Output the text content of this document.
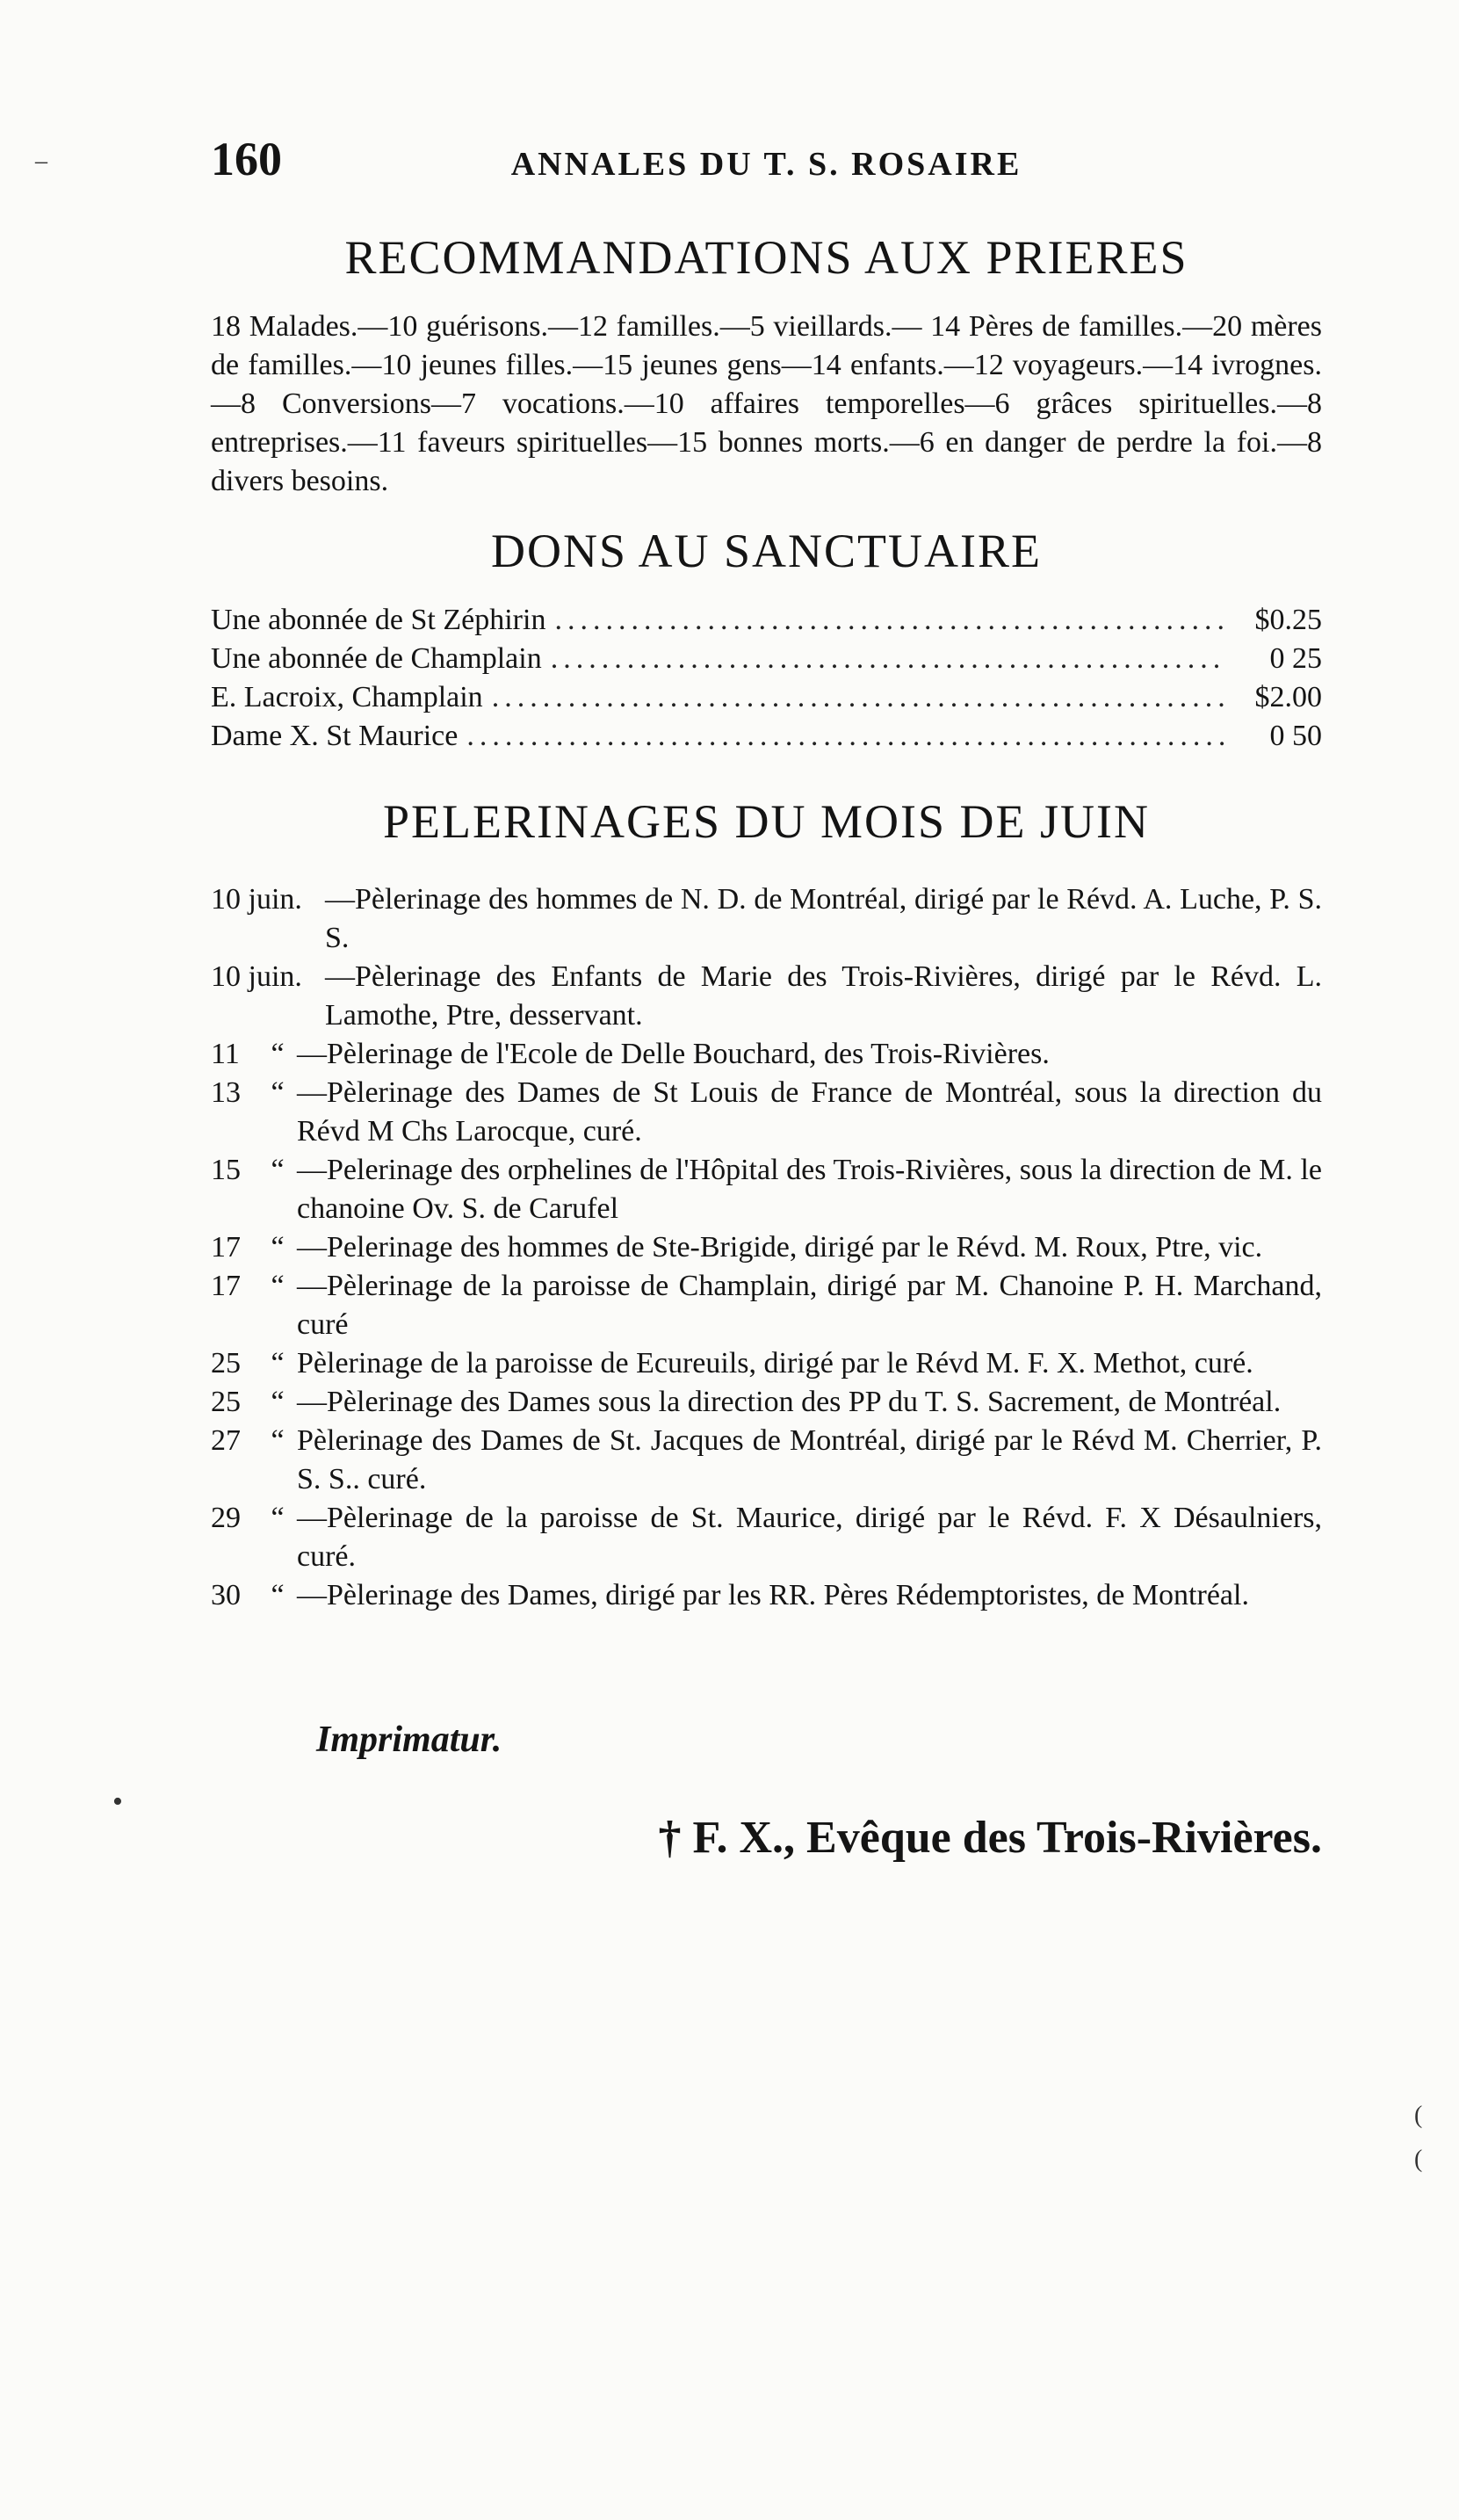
–	160	ANNALES DU T. S. ROSAIRE
RECOMMANDATIONS AUX PRIERES

18 Malades.—10 guérisons.—12 familles.—5 vieillards.— 14 Pères de familles.—20 mères de familles.—10 jeunes filles.—15 jeunes gens—14 enfants.—12 voyageurs.—14 ivrognes.—8 Conversions—7 vocations.—10 affaires temporelles—6 grâces spirituelles.—8 entreprises.—11 faveurs spirituelles—15 bonnes morts.—6 en danger de perdre la foi.—8 divers besoins.

DONS AU SANCTUAIRE
Une abonnée de St Zéphirin .....	$0.25
Une abonnée de Champlain .....	0 25
E. Lacroix, Champlain .....	$2.00
Dame X. St Maurice .....	0 50
PELERINAGES DU MOIS DE JUIN
10 juin. —Pèlerinage des hommes de N. D. de Montréal, dirigé par le Révd. A. Luche, P. S. S.
10 juin. —Pèlerinage des Enfants de Marie des Trois-Rivières, dirigé par le Révd. L. Lamothe, Ptre, desservant.
11	“ —Pèlerinage de l'Ecole de Delle Bouchard, des Trois-Rivières.
13	“ —Pèlerinage des Dames de St Louis de France de Montréal, sous la direction du Révd M Chs Larocque, curé.
15	“ —Pelerinage des orphelines de l'Hôpital des Trois-Rivières, sous la direction de M. le chanoine Ov. S. de Carufel
17	“ —Pelerinage des hommes de Ste-Brigide, dirigé par le Révd. M. Roux, Ptre, vic.
17	“ —Pèlerinage de la paroisse de Champlain, dirigé par M. Chanoine P. H. Marchand, curé
25	“ Pèlerinage de la paroisse de Ecureuils, dirigé par le Révd M. F. X. Methot, curé.
25	“ —Pèlerinage des Dames sous la direction des PP du T. S. Sacrement, de Montréal.
27	“ Pèlerinage des Dames de St. Jacques de Montréal, dirigé par le Révd M. Cherrier, P. S. S.. curé.
29	“ —Pèlerinage de la paroisse de St. Maurice, dirigé par le Révd. F. X Désaulniers, curé.
30	“ —Pèlerinage des Dames, dirigé par les RR. Pères Rédemptoristes, de Montréal.
Imprimatur.
† F. X., Evêque des Trois-Rivières.
•
(
(
